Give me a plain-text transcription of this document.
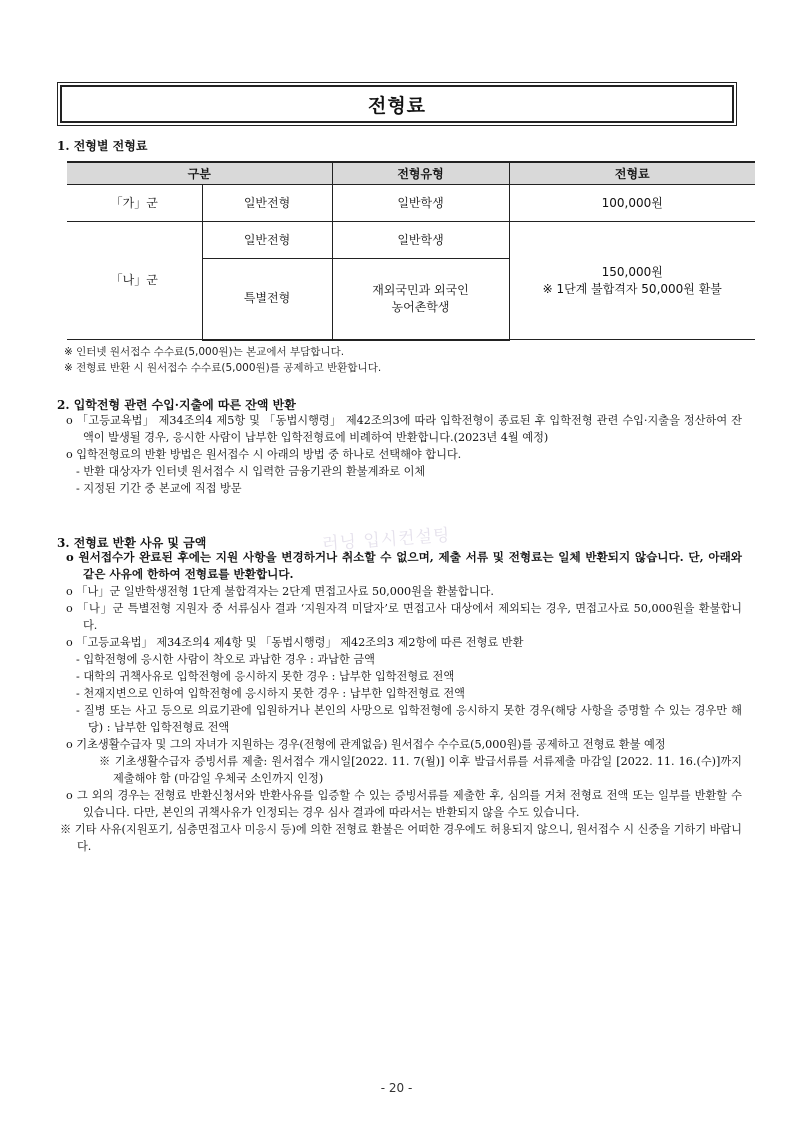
전형료
1. 전형별 전형료
구분		전형유형	전형료
「가」군	일반전형	일반학생	100,000원
「나」군	일반전형	일반학생	150,000원
※ 1단계 불합격자 50,000원 환불

	특별전형	재외국민과 외국인
농어촌학생	
※ 인터넷 원서접수 수수료(5,000원)는 본교에서 부담합니다.
※ 전형료 반환 시 원서접수 수수료(5,000원)를 공제하고 반환합니다.
2. 입학전형 관련 수입·지출에 따른 잔액 반환

o 「고등교육법」 제34조의4 제5항 및 「동법시행령」 제42조의3에 따라 입학전형이 종료된 후 입학전형 관련 수입·지출을 정산하여 잔액이 발생될 경우, 응시한 사람이 납부한 입학전형료에 비례하여 반환합니다.(2023년 4월 예정)

o 입학전형료의 반환 방법은 원서접수 시 아래의 방법 중 하나로 선택해야 합니다.

- 반환 대상자가 인터넷 원서접수 시 입력한 금융기관의 환불계좌로 이체

- 지정된 기간 중 본교에 직접 방문

3. 전형료 반환 사유 및 금액

o 원서접수가 완료된 후에는 지원 사항을 변경하거나 취소할 수 없으며, 제출 서류 및 전형료는 일체 반환되지 않습니다. 단, 아래와 같은 사유에 한하여 전형료를 반환합니다.

o 「나」군 일반학생전형 1단계 불합격자는 2단계 면접고사료 50,000원을 환불합니다.

o 「나」군 특별전형 지원자 중 서류심사 결과 ‘지원자격 미달자’로 면접고사 대상에서 제외되는 경우, 면접고사료 50,000원을 환불합니다.

o 「고등교육법」 제34조의4 제4항 및 「동법시행령」 제42조의3 제2항에 따른 전형료 반환

- 입학전형에 응시한 사람이 착오로 과납한 경우 : 과납한 금액

- 대학의 귀책사유로 입학전형에 응시하지 못한 경우 : 납부한 입학전형료 전액

- 천재지변으로 인하여 입학전형에 응시하지 못한 경우 : 납부한 입학전형료 전액

- 질병 또는 사고 등으로 의료기관에 입원하거나 본인의 사망으로 입학전형에 응시하지 못한 경우(해당 사항을 증명할 수 있는 경우만 해당) : 납부한 입학전형료 전액

o 기초생활수급자 및 그의 자녀가 지원하는 경우(전형에 관계없음) 원서접수 수수료(5,000원)를 공제하고 전형료 환불 예정

※ 기초생활수급자 증빙서류 제출: 원서접수 개시일[2022. 11. 7(월)] 이후 발급서류를 서류제출 마감일 [2022. 11. 16.(수)]까지 제출해야 함 (마감일 우체국 소인까지 인정)

o 그 외의 경우는 전형료 반환신청서와 반환사유를 입증할 수 있는 증빙서류를 제출한 후, 심의를 거쳐 전형료 전액 또는 일부를 반환할 수 있습니다. 다만, 본인의 귀책사유가 인정되는 경우 심사 결과에 따라서는 반환되지 않을 수도 있습니다.

※ 기타 사유(지원포기, 심층면접고사 미응시 등)에 의한 전형료 환불은 어떠한 경우에도 허용되지 않으니, 원서접수 시 신중을 기하기 바랍니다.

러닝 입시컨설팅
- 20 -
